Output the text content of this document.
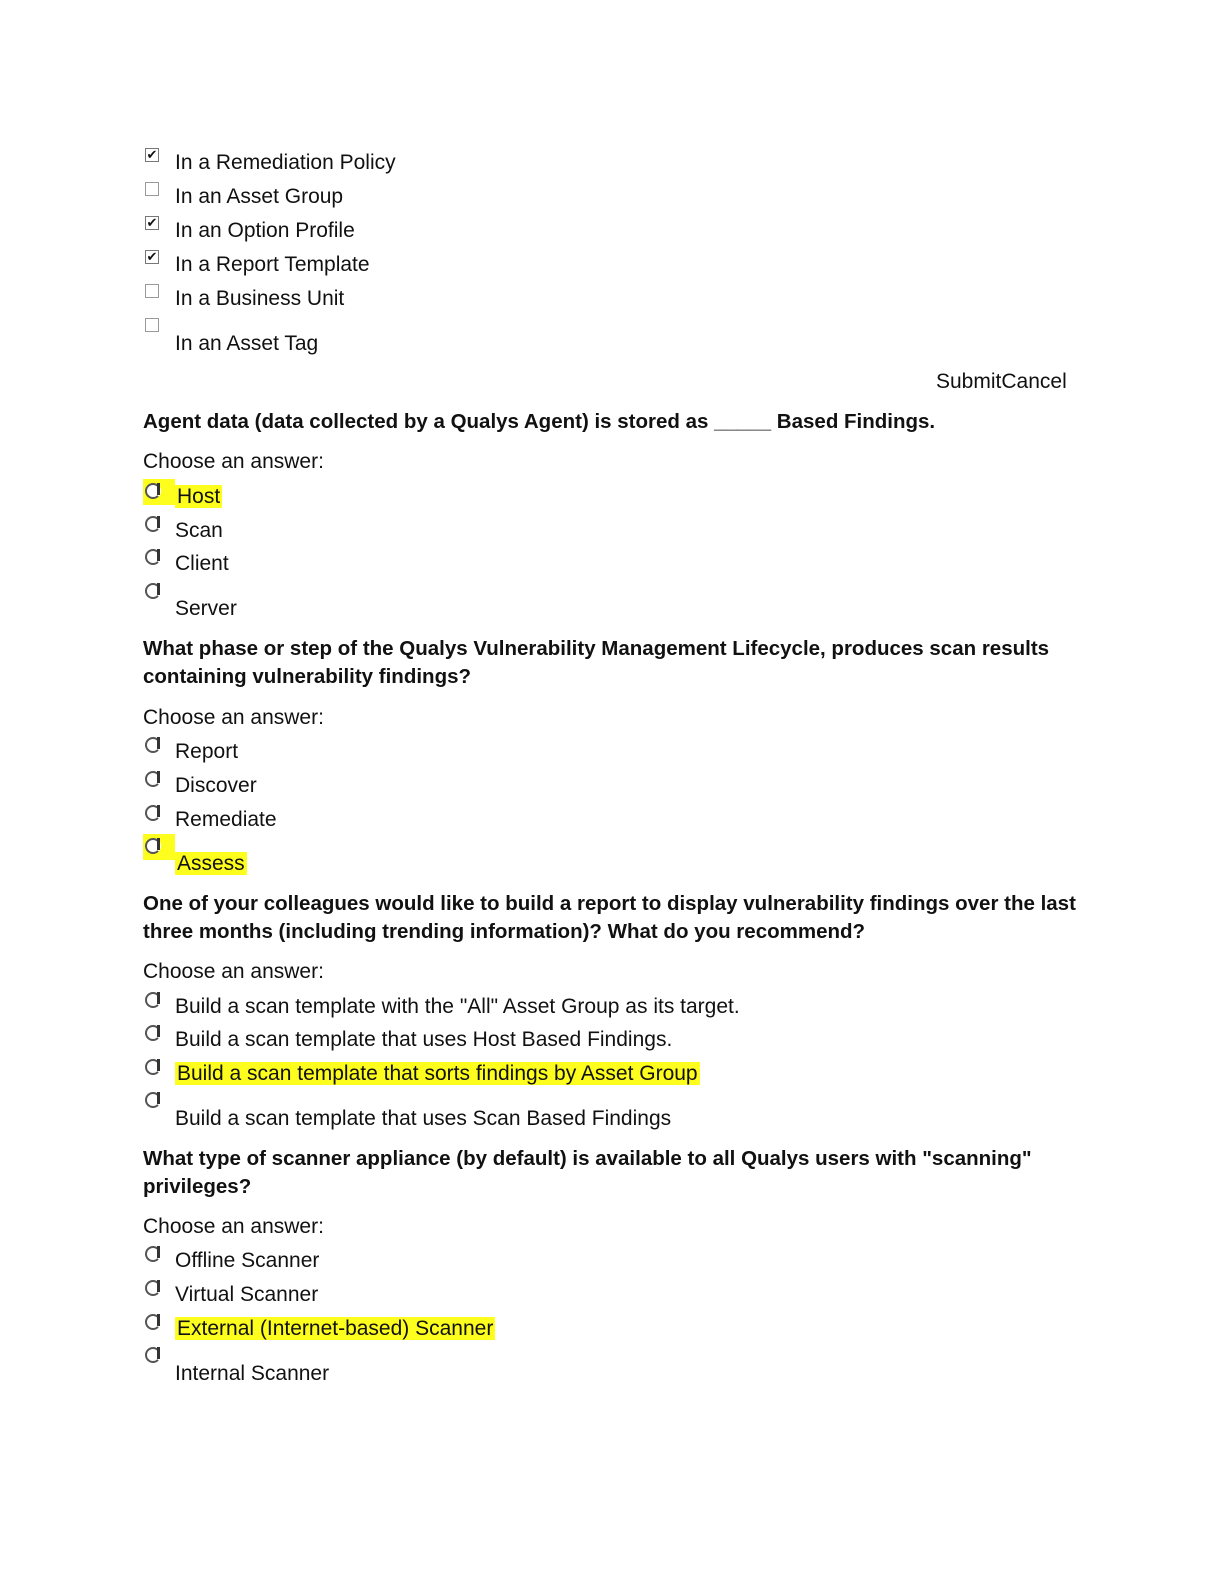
✔ In a Remediation Policy
In an Asset Group
✔ In an Option Profile
✔ In a Report Template
In a Business Unit
In an Asset Tag
SubmitCancel
Agent data (data collected by a Qualys Agent) is stored as _____ Based Findings.
Choose an answer:
Host
Scan
Client
Server
What phase or step of the Qualys Vulnerability Management Lifecycle, produces scan results containing vulnerability findings?
Choose an answer:
Report
Discover
Remediate
Assess
One of your colleagues would like to build a report to display vulnerability findings over the last three months (including trending information)? What do you recommend?
Choose an answer:
Build a scan template with the "All" Asset Group as its target.
Build a scan template that uses Host Based Findings.
Build a scan template that sorts findings by Asset Group
Build a scan template that uses Scan Based Findings
What type of scanner appliance (by default) is available to all Qualys users with "scanning" privileges?
Choose an answer:
Offline Scanner
Virtual Scanner
External (Internet-based) Scanner
Internal Scanner
